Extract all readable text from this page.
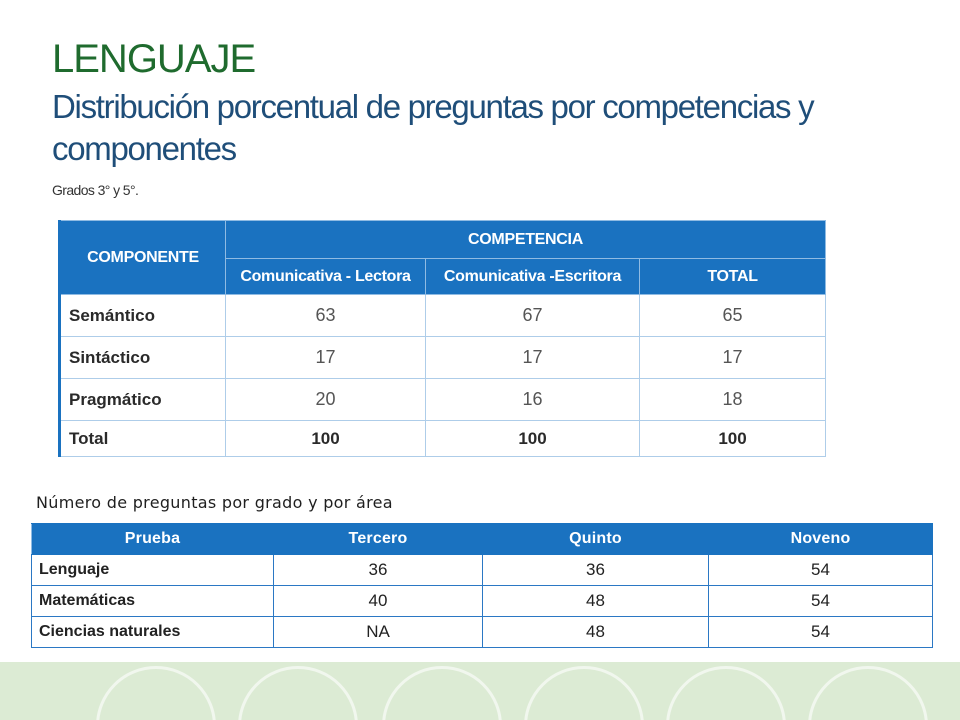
LENGUAJE
Distribución porcentual de preguntas por competencias y componentes
Grados 3° y 5°.
COMPONENTE	COMPETENCIA		
	Comunicativa - Lectora	Comunicativa -Escritora	TOTAL
Semántico	63	67	65
Sintáctico	17	17	17
Pragmático	20	16	18
Total	100	100	100
Número de preguntas por grado y por área
Prueba	Tercero	Quinto	Noveno
Lenguaje	36	36	54
Matemáticas	40	48	54
Ciencias naturales	NA	48	54
